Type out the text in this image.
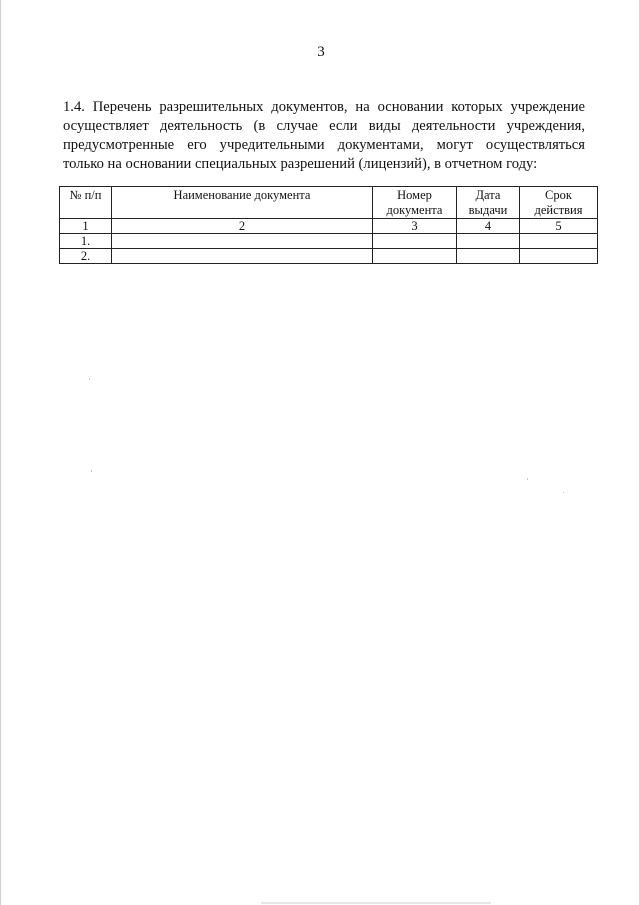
3
1.4. Перечень разрешительных документов, на основании которых учреждение
осуществляет деятельность (в случае если виды деятельности учреждения,
предусмотренные его учредительными документами, могут осуществляться
только на основании специальных разрешений (лицензий), в отчетном году:
№ п/п	Наименование документа	Номер документа	Дата выдачи	Срок действия
1	2	3	4	5
1.				
2.				
